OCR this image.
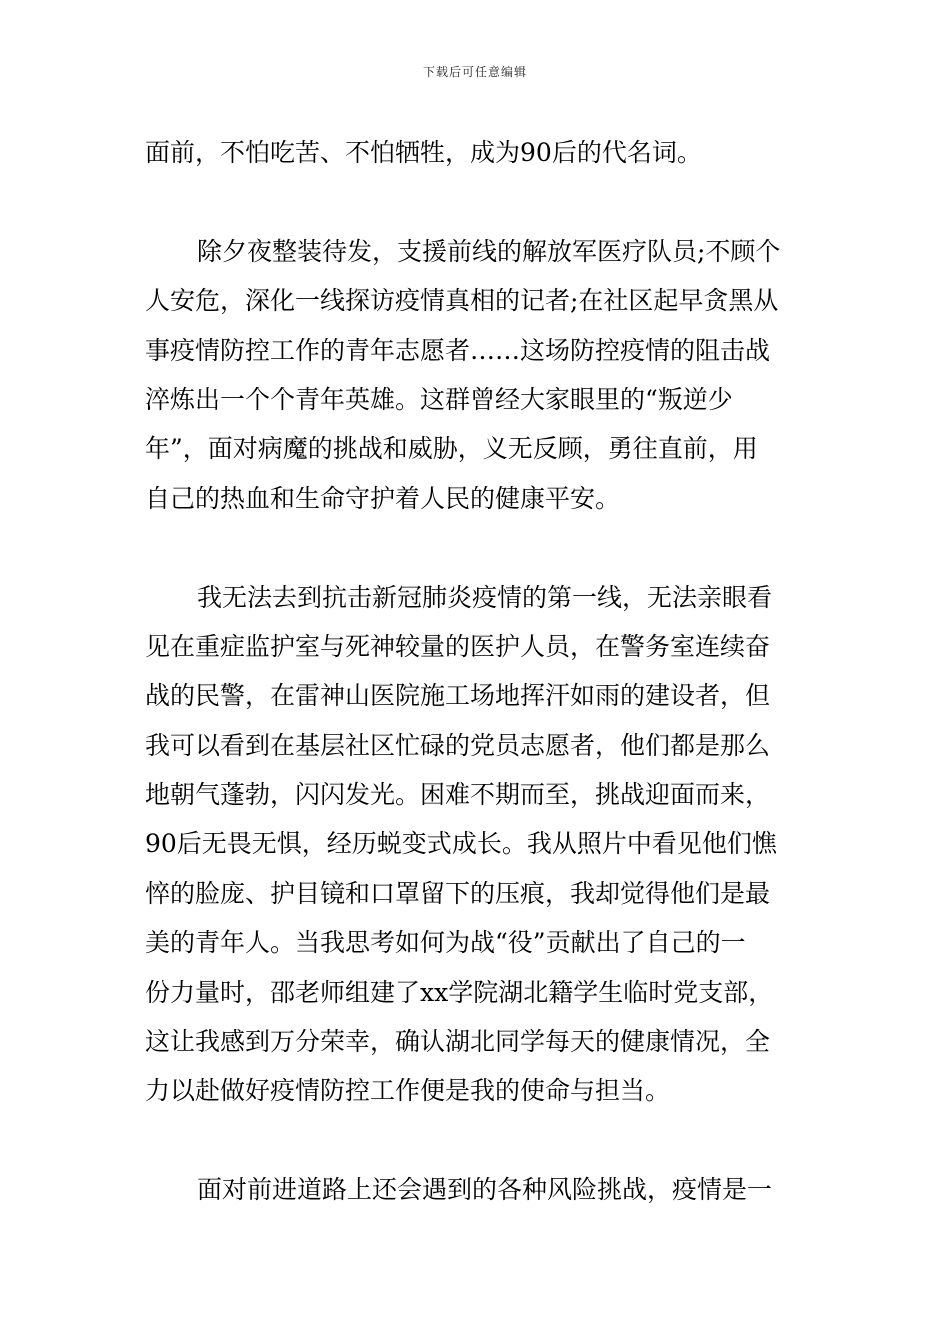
下载后可任意编辑
面前，不怕吃苦、不怕牺牲，成为90后的代名词。
除夕夜整装待发，支援前线的解放军医疗队员;不顾个
人安危，深化一线探访疫情真相的记者;在社区起早贪黑从
事疫情防控工作的青年志愿者……这场防控疫情的阻击战
淬炼出一个个青年英雄。这群曾经大家眼里的“叛逆少
年”，面对病魔的挑战和威胁，义无反顾，勇往直前，用
自己的热血和生命守护着人民的健康平安。
我无法去到抗击新冠肺炎疫情的第一线，无法亲眼看
见在重症监护室与死神较量的医护人员，在警务室连续奋
战的民警，在雷神山医院施工场地挥汗如雨的建设者，但
我可以看到在基层社区忙碌的党员志愿者，他们都是那么
地朝气蓬勃，闪闪发光。困难不期而至，挑战迎面而来，
90后无畏无惧，经历蜕变式成长。我从照片中看见他们憔
悴的脸庞、护目镜和口罩留下的压痕，我却觉得他们是最
美的青年人。当我思考如何为战“役”贡献出了自己的一
份力量时，邵老师组建了xx学院湖北籍学生临时党支部，
这让我感到万分荣幸，确认湖北同学每天的健康情况，全
力以赴做好疫情防控工作便是我的使命与担当。
面对前进道路上还会遇到的各种风险挑战，疫情是一
